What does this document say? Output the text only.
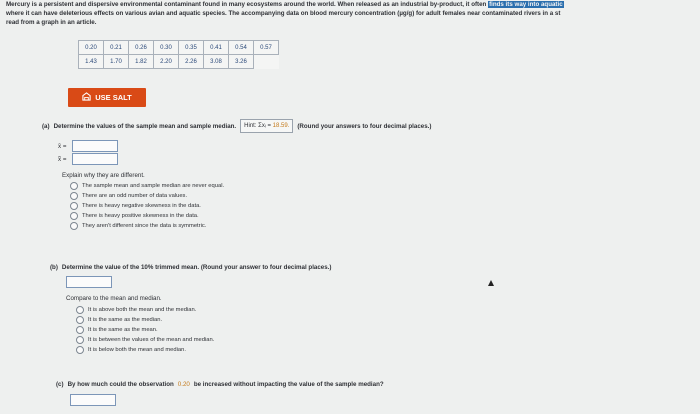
Mercury is a persistent and dispersive environmental contaminant found in many ecosystems around the world. When released as an industrial by-product, it often finds its way into aquatic
where it can have deleterious effects on various avian and aquatic species. The accompanying data on blood mercury concentration (µg/g) for adult females near contaminated rivers in a st
read from a graph in an article.
0.20	0.21	0.26	0.30	0.35	0.41	0.54	0.57
1.43	1.70	1.82	2.20	2.26	3.08	3.26	
USE SALT
(a) Determine the values of the sample mean and sample median.	Hint: Σxᵢ = 18.59.	(Round your answers to four decimal places.)
x̄ =
x̃ =
Explain why they are different.
The sample mean and sample median are never equal.
There are an odd number of data values.
There is heavy negative skewness in the data.
There is heavy positive skewness in the data.
They aren't different since the data is symmetric.
(b) Determine the value of the 10% trimmed mean. (Round your answer to four decimal places.)
Compare to the mean and median.
It is above both the mean and the median.
It is the same as the median.
It is the same as the mean.
It is between the values of the mean and median.
It is below both the mean and median.
(c) By how much could the observation 0.20 be increased without impacting the value of the sample median?
